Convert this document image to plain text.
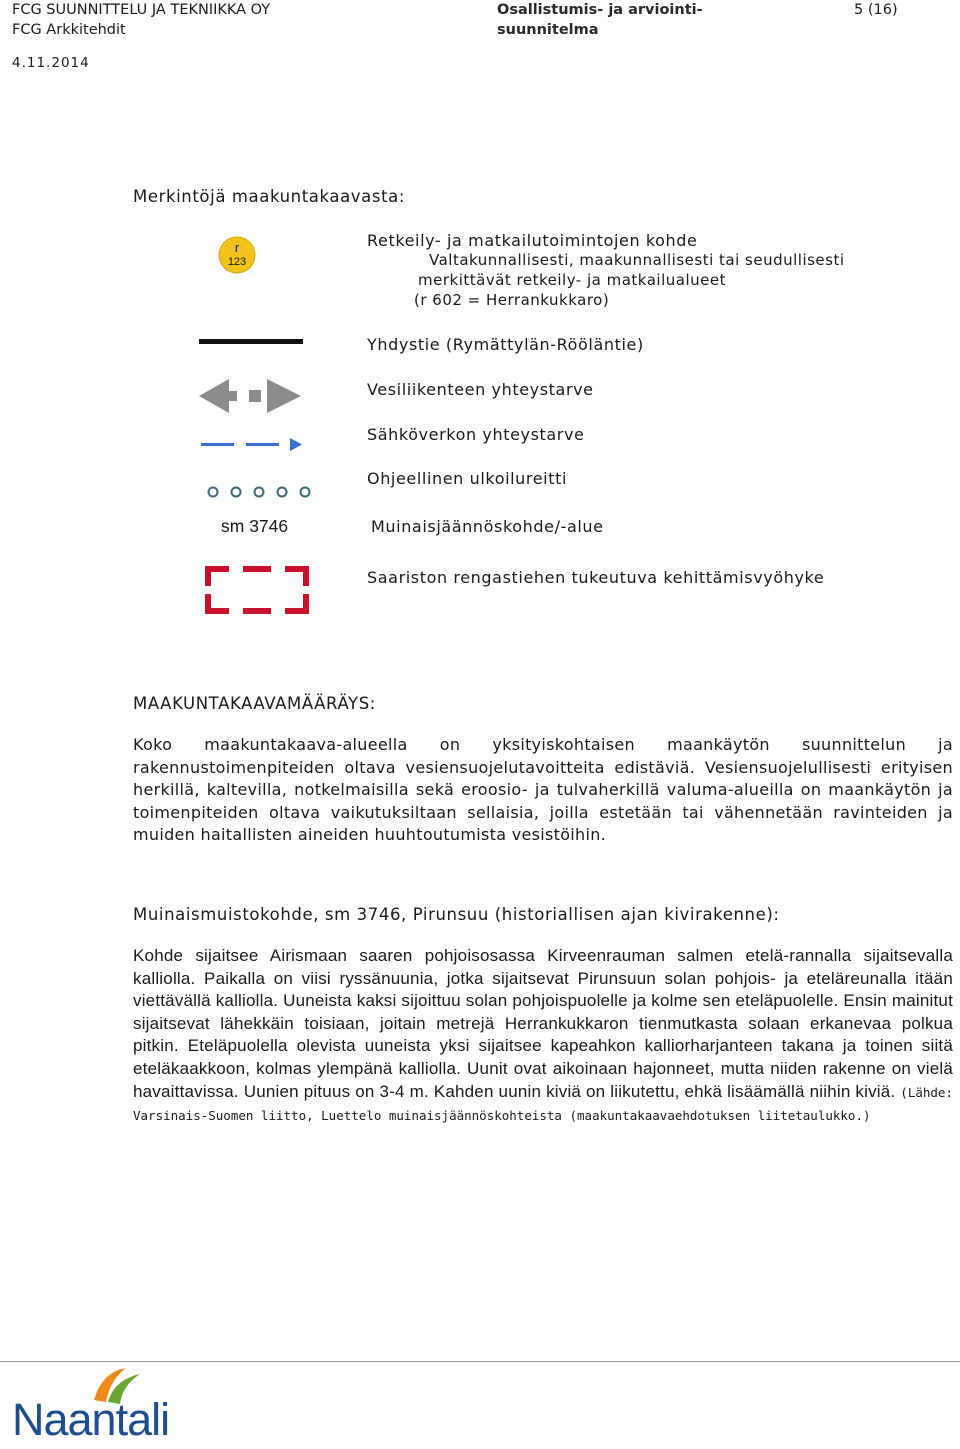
FCG SUUNNITTELU JA TEKNIIKKA OY
FCG Arkkitehdit
Osallistumis- ja arviointi-
suunnitelma
5 (16)
4.11.2014
Merkintöjä maakuntakaavasta:
r
123
Retkeily- ja matkailutoimintojen kohde
Valtakunnallisesti, maakunnallisesti tai seudullisesti
merkittävät retkeily- ja matkailualueet
(r 602 = Herrankukkaro)
Yhdystie (Rymättylän-Rööläntie)
Vesiliikenteen yhteystarve
Sähköverkon yhteystarve
Ohjeellinen ulkoilureitti
sm 3746	Muinaisjäännöskohde/-alue
Saariston rengastiehen tukeutuva kehittämisvyöhyke
MAAKUNTAKAAVAMÄÄRÄYS:
Koko maakuntakaava-alueella on yksityiskohtaisen maankäytön suunnittelun ja rakennustoimenpiteiden oltava vesiensuojelutavoitteita edistäviä. Vesiensuojelullisesti erityisen herkillä, kaltevilla, notkelmaisilla sekä eroosio- ja tulvaherkillä valuma-alueilla on maankäytön ja toimenpiteiden oltava vaikutuksiltaan sellaisia, joilla estetään tai vähennetään ravinteiden ja muiden haitallisten aineiden huuhtoutumista vesistöihin.
Muinaismuistokohde, sm 3746, Pirunsuu (historiallisen ajan kivirakenne):
Kohde sijaitsee Airismaan saaren pohjoisosassa Kirveenrauman salmen etelä-rannalla sijaitsevalla kalliolla. Paikalla on viisi ryssänuunia, jotka sijaitsevat Pirunsuun solan pohjois- ja eteläreunalla itään viettävällä kalliolla. Uuneista kaksi sijoittuu solan pohjoispuolelle ja kolme sen eteläpuolelle. Ensin mainitut sijaitsevat lähekkäin toisiaan, joitain metrejä Herrankukkaron tienmutkasta solaan erkanevaa polkua pitkin. Eteläpuolella olevista uuneista yksi sijaitsee kapeahkon kalliorharjanteen takana ja toinen siitä eteläkaakkoon, kolmas ylempänä kalliolla. Uunit ovat aikoinaan hajonneet, mutta niiden rakenne on vielä havaittavissa. Uunien pituus on 3-4 m. Kahden uunin kiviä on liikutettu, ehkä lisäämällä niihin kiviä. (Lähde: Varsinais-Suomen liitto, Luettelo muinaisjäännöskohteista (maakuntakaavaehdotuksen liitetaulukko.)
Naantali
